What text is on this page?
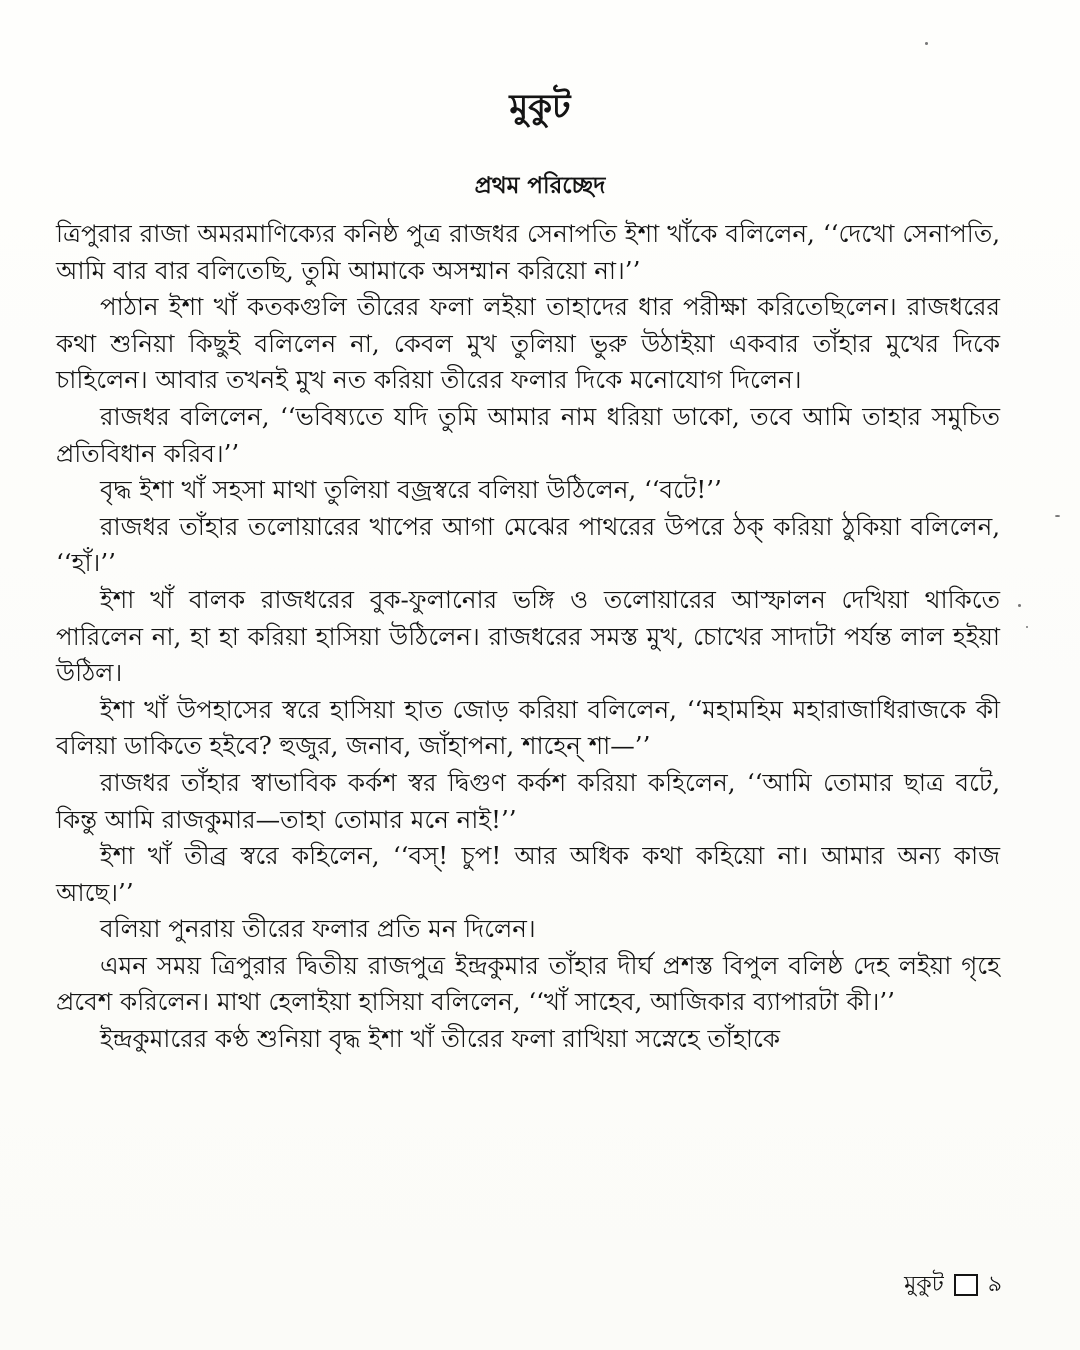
মুকুট
প্রথম পরিচ্ছেদ

ত্রিপুরার রাজা অমরমাণিক্যের কনিষ্ঠ পুত্র রাজধর সেনাপতি ইশা খাঁকে বলিলেন, ‘‘দেখো সেনাপতি, আমি বার বার বলিতেছি, তুমি আমাকে অসম্মান করিয়ো না।’’

পাঠান ইশা খাঁ কতকগুলি তীরের ফলা লইয়া তাহাদের ধার পরীক্ষা করিতেছিলেন। রাজধরের কথা শুনিয়া কিছুই বলিলেন না, কেবল মুখ তুলিয়া ভুরু উঠাইয়া একবার তাঁহার মুখের দিকে চাহিলেন। আবার তখনই মুখ নত করিয়া তীরের ফলার দিকে মনোযোগ দিলেন।

রাজধর বলিলেন, ‘‘ভবিষ্যতে যদি তুমি আমার নাম ধরিয়া ডাকো, তবে আমি তাহার সমুচিত প্রতিবিধান করিব।’’

বৃদ্ধ ইশা খাঁ সহসা মাথা তুলিয়া বজ্রস্বরে বলিয়া উঠিলেন, ‘‘বটে!’’

রাজধর তাঁহার তলোয়ারের খাপের আগা মেঝের পাথরের উপরে ঠক্ করিয়া ঠুকিয়া বলিলেন, ‘‘হাঁ।’’

ইশা খাঁ বালক রাজধরের বুক-ফুলানোর ভঙ্গি ও তলোয়ারের আস্ফালন দেখিয়া থাকিতে পারিলেন না, হা হা করিয়া হাসিয়া উঠিলেন। রাজধরের সমস্ত মুখ, চোখের সাদাটা পর্যন্ত লাল হইয়া উঠিল।

ইশা খাঁ উপহাসের স্বরে হাসিয়া হাত জোড় করিয়া বলিলেন, ‘‘মহামহিম মহারাজাধিরাজকে কী বলিয়া ডাকিতে হইবে? হুজুর, জনাব, জাঁহাপনা, শাহেন্ শা—’’

রাজধর তাঁহার স্বাভাবিক কর্কশ স্বর দ্বিগুণ কর্কশ করিয়া কহিলেন, ‘‘আমি তোমার ছাত্র বটে, কিন্তু আমি রাজকুমার—তাহা তোমার মনে নাই!’’

ইশা খাঁ তীব্র স্বরে কহিলেন, ‘‘বস্! চুপ! আর অধিক কথা কহিয়ো না। আমার অন্য কাজ আছে।’’

বলিয়া পুনরায় তীরের ফলার প্রতি মন দিলেন।

এমন সময় ত্রিপুরার দ্বিতীয় রাজপুত্র ইন্দ্রকুমার তাঁহার দীর্ঘ প্রশস্ত বিপুল বলিষ্ঠ দেহ লইয়া গৃহে প্রবেশ করিলেন। মাথা হেলাইয়া হাসিয়া বলিলেন, ‘‘খাঁ সাহেব, আজিকার ব্যাপারটা কী।’’

ইন্দ্রকুমারের কণ্ঠ শুনিয়া বৃদ্ধ ইশা খাঁ তীরের ফলা রাখিয়া সস্নেহে তাঁহাকে

মুকুট ৯
